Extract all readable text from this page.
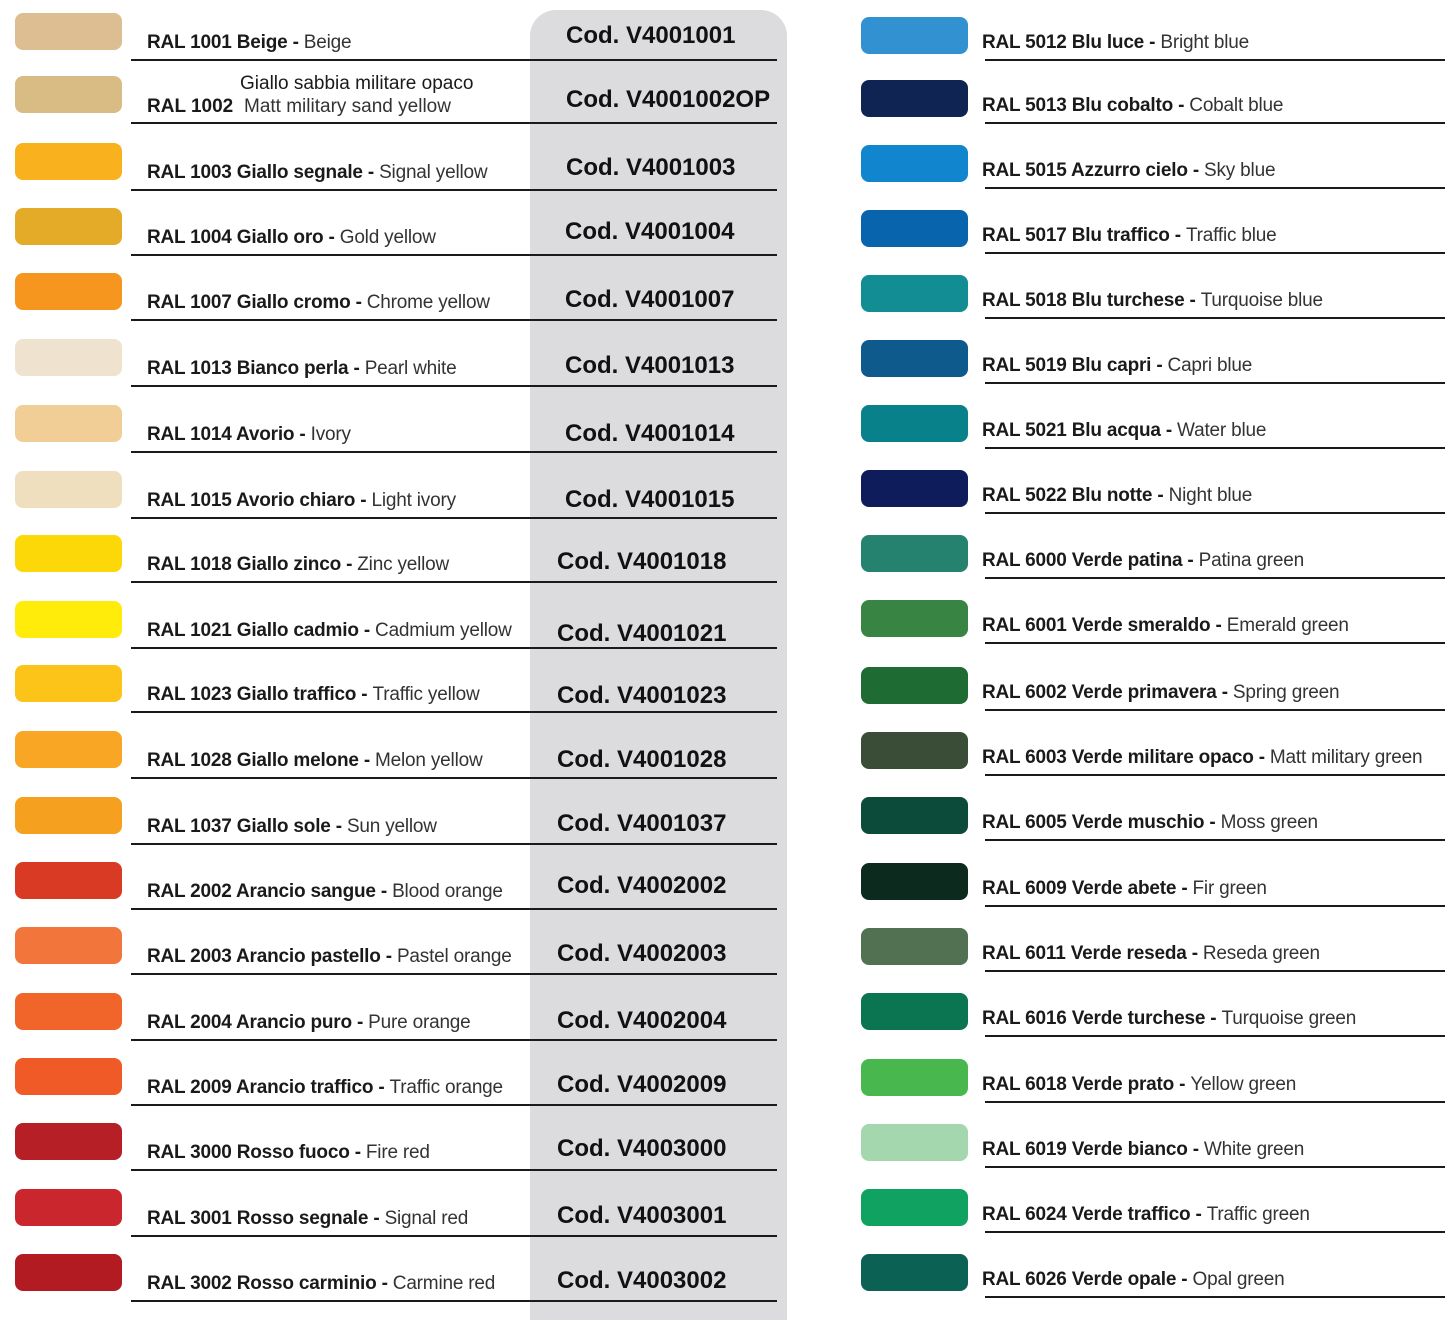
RAL 1001 Beige - Beige	Cod. V4001001
Giallo sabbia militare opaco
RAL 1002 Matt military sand yellow	Cod. V4001002OP
RAL 1003 Giallo segnale - Signal yellow	Cod. V4001003
RAL 1004 Giallo oro - Gold yellow	Cod. V4001004
RAL 1007 Giallo cromo - Chrome yellow	Cod. V4001007
RAL 1013 Bianco perla - Pearl white	Cod. V4001013
RAL 1014 Avorio - Ivory	Cod. V4001014
RAL 1015 Avorio chiaro - Light ivory	Cod. V4001015
RAL 1018 Giallo zinco - Zinc yellow	Cod. V4001018
RAL 1021 Giallo cadmio - Cadmium yellow Cod. V4001021
RAL 1023 Giallo traffico - Traffic yellow	Cod. V4001023
RAL 1028 Giallo melone - Melon yellow	Cod. V4001028
RAL 1037 Giallo sole - Sun yellow	Cod. V4001037
RAL 2002 Arancio sangue - Blood orange Cod. V4002002
RAL 2003 Arancio pastello - Pastel orange Cod. V4002003
RAL 2004 Arancio puro - Pure orange	Cod. V4002004
RAL 2009 Arancio traffico - Traffic orange Cod. V4002009
RAL 3000 Rosso fuoco - Fire red	Cod. V4003000
RAL 3001 Rosso segnale - Signal red	Cod. V4003001
RAL 3002 Rosso carminio - Carmine red	Cod. V4003002
RAL 5012 Blu luce - Bright blue
RAL 5013 Blu cobalto - Cobalt blue
RAL 5015 Azzurro cielo - Sky blue
RAL 5017 Blu traffico - Traffic blue
RAL 5018 Blu turchese - Turquoise blue
RAL 5019 Blu capri - Capri blue
RAL 5021 Blu acqua - Water blue
RAL 5022 Blu notte - Night blue
RAL 6000 Verde patina - Patina green
RAL 6001 Verde smeraldo - Emerald green
RAL 6002 Verde primavera - Spring green
RAL 6003 Verde militare opaco - Matt military green
RAL 6005 Verde muschio - Moss green
RAL 6009 Verde abete - Fir green
RAL 6011 Verde reseda - Reseda green
RAL 6016 Verde turchese - Turquoise green
RAL 6018 Verde prato - Yellow green
RAL 6019 Verde bianco - White green
RAL 6024 Verde traffico - Traffic green
RAL 6026 Verde opale - Opal green
